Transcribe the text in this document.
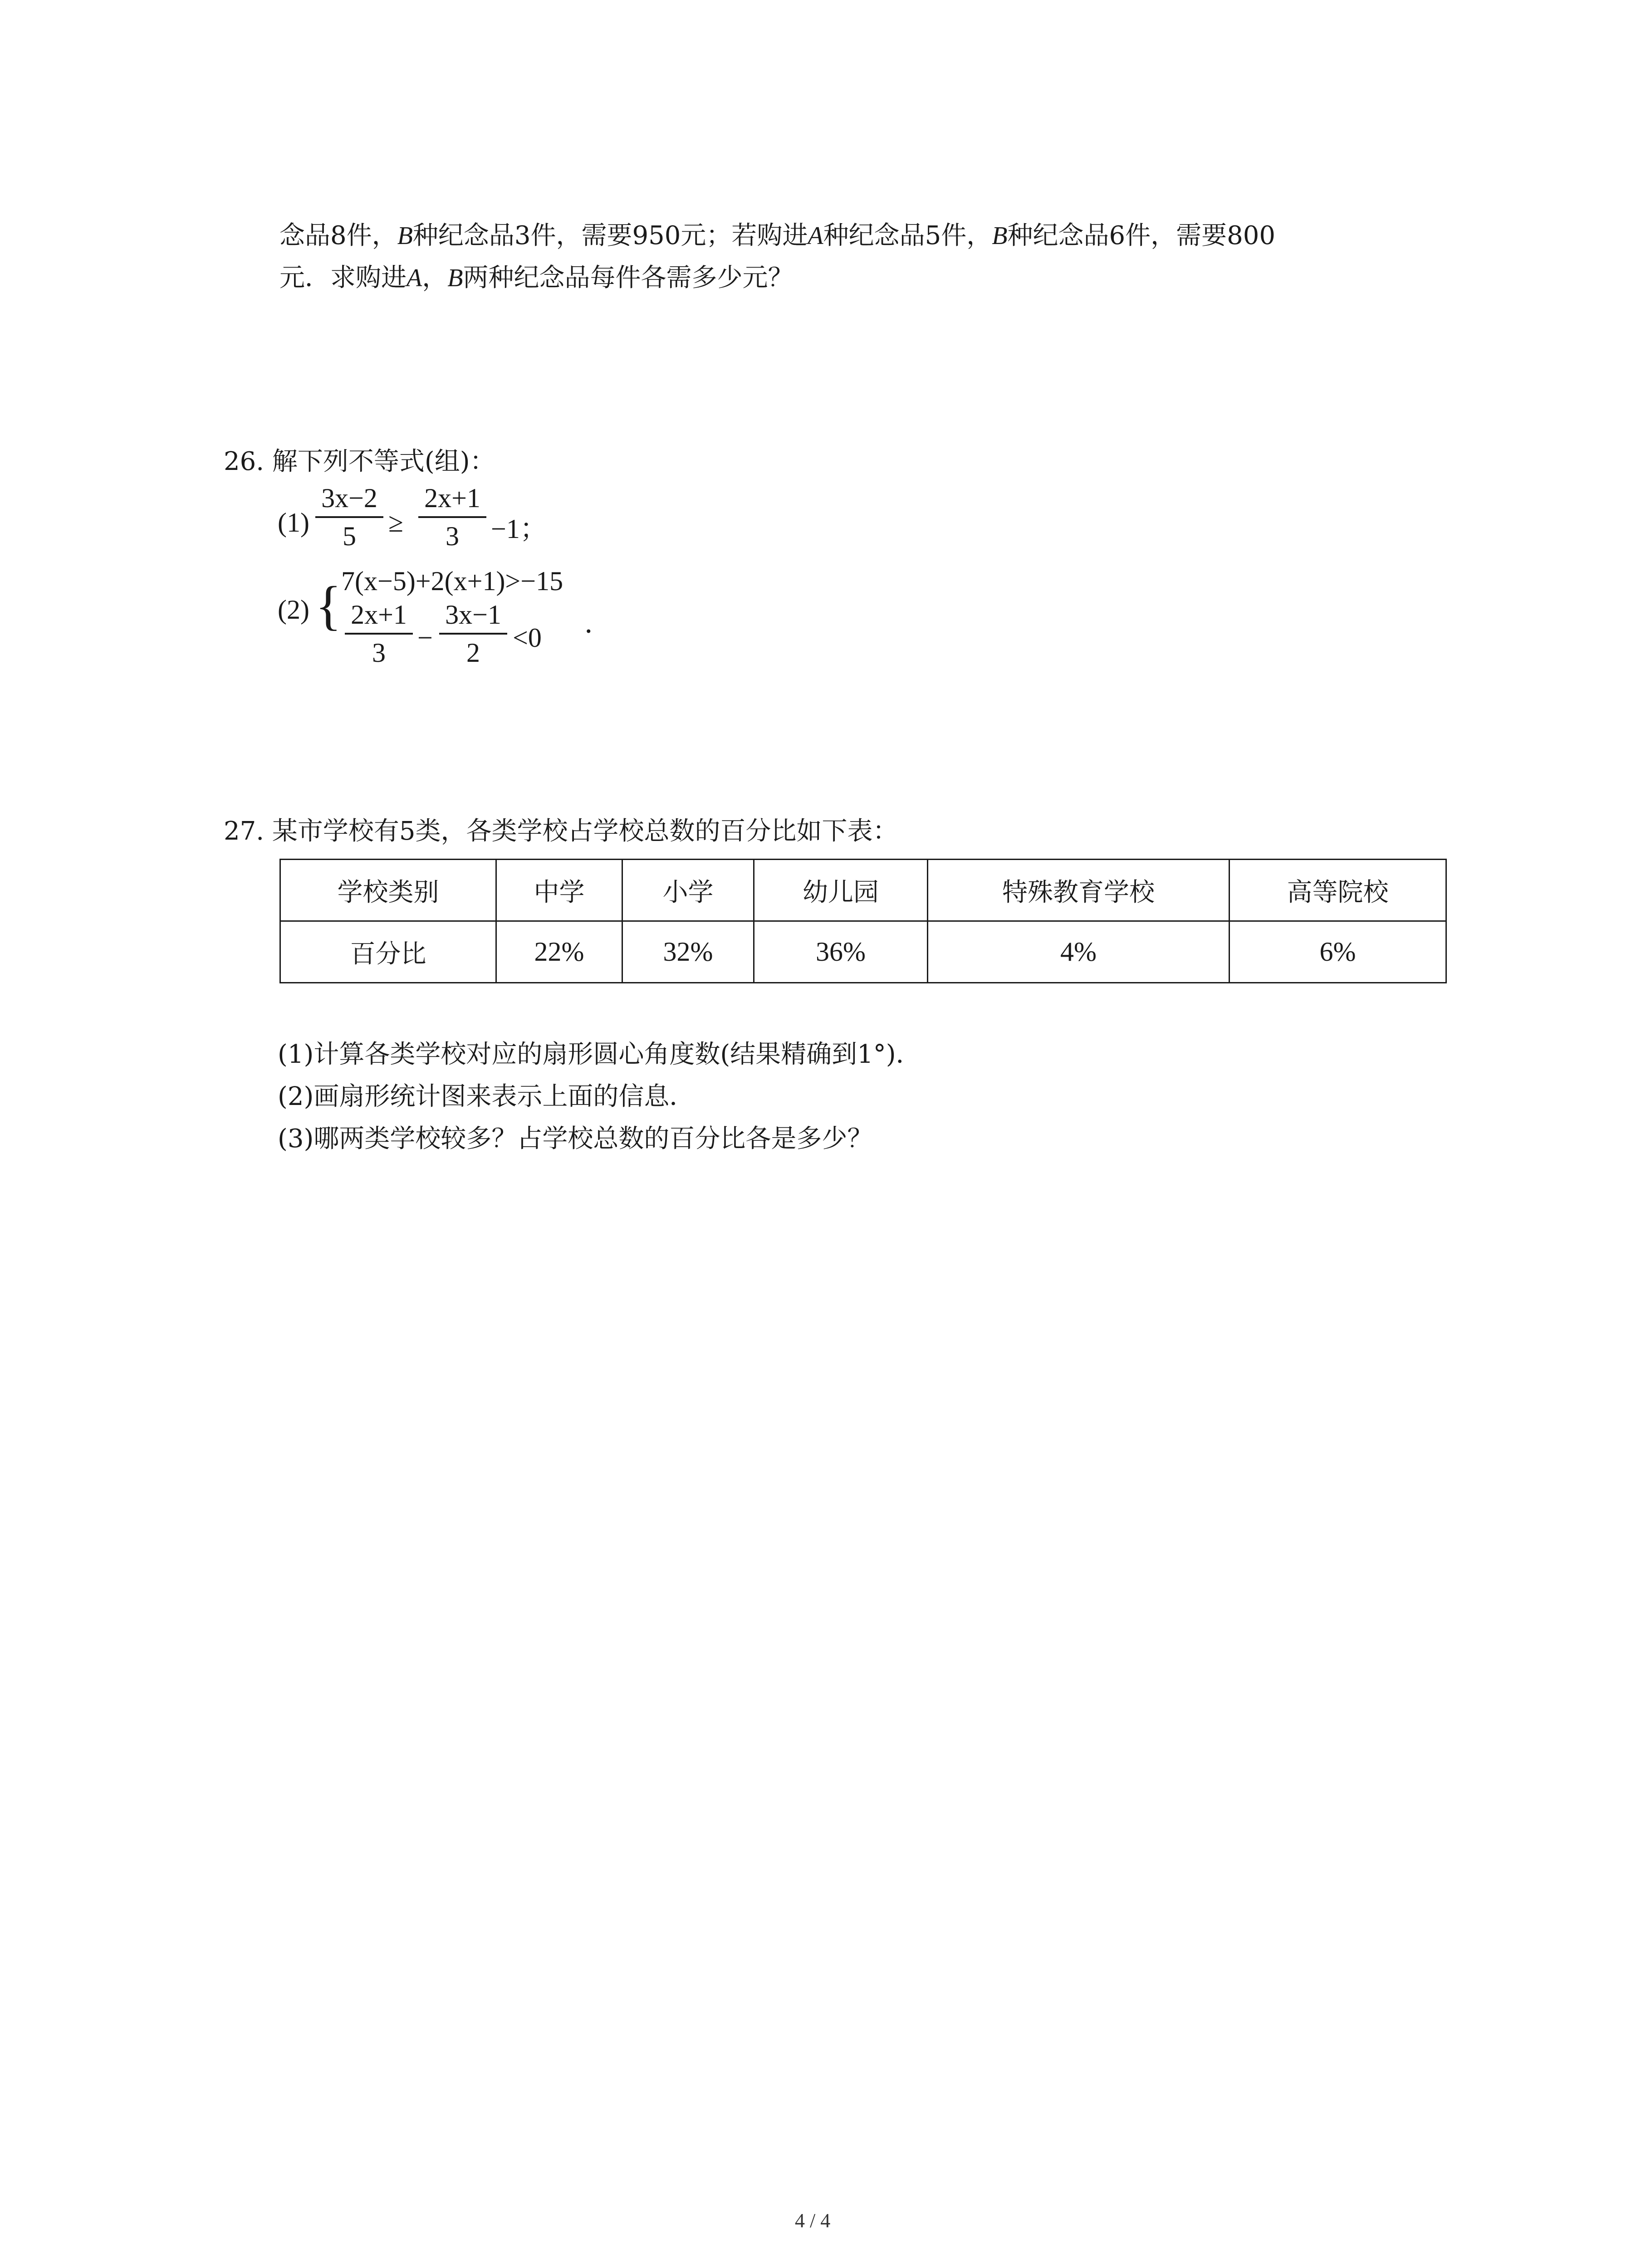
念品8件，B种纪念品3件，需要950元；若购进A种纪念品5件，B种纪念品6件，需要800
元．求购进A，B两种纪念品每件各需多少元？
26. 解下列不等式(组)：
(1)
3x−2
5	≥
2x+1
3	−1；
(2) { 7(x−5)+2(x+1)>−15
2x+1
3	−
3x−1
2	<0 ．
27. 某市学校有5类，各类学校占学校总数的百分比如下表：
学校类别	中学	小学	幼儿园	特殊教育学校	高等院校
百分比	22%	32%	36%	4%	6%
(1)计算各类学校对应的扇形圆心角度数(结果精确到1°)．
(2)画扇形统计图来表示上面的信息．
(3)哪两类学校较多？占学校总数的百分比各是多少？
4 / 4
